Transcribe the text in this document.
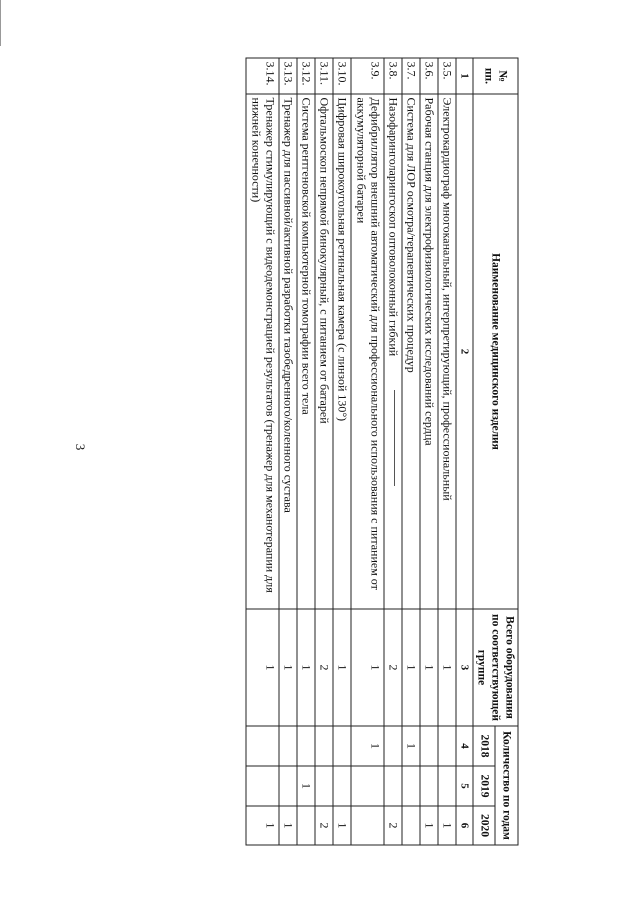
3
№ пп.	Наименование медицинского изделия	Всего оборудования по соответствующей группе	Количество по годам		
			2018	2019	2020
1	2	3	4	5	6
3.5.	Электрокардиограф многоканальный, интерпретирующий, профессиональный	1			1
3.6.	Рабочая станция для электрофизиологических исследований сердца	1			1
3.7.	Система для ЛОР осмотра/терапевтических процедур	1	1		
3.8.	Назофаринголарингоскоп оптоволоконный гибкий	2			2
3.9.	Дефибриллятор внешний автоматический для профессионального использования с питанием от аккумуляторной батареи	1	1		
3.10.	Цифровая широкоугольная ретинальная камера (с линзой 130°)	1			1
3.11.	Офтальмоскоп непрямой бинокулярный, с питанием от батарей	2			2
3.12.	Система рентгеновской компьютерной томографии всего тела	1		1	
3.13.	Тренажер для пассивной/активной разработки тазобедренного/коленного сустава	1			1
3.14.	Тренажер стимулирующий с видеодемонстрацией результатов (тренажер для механотерапии для нижней конечности)	1			1
